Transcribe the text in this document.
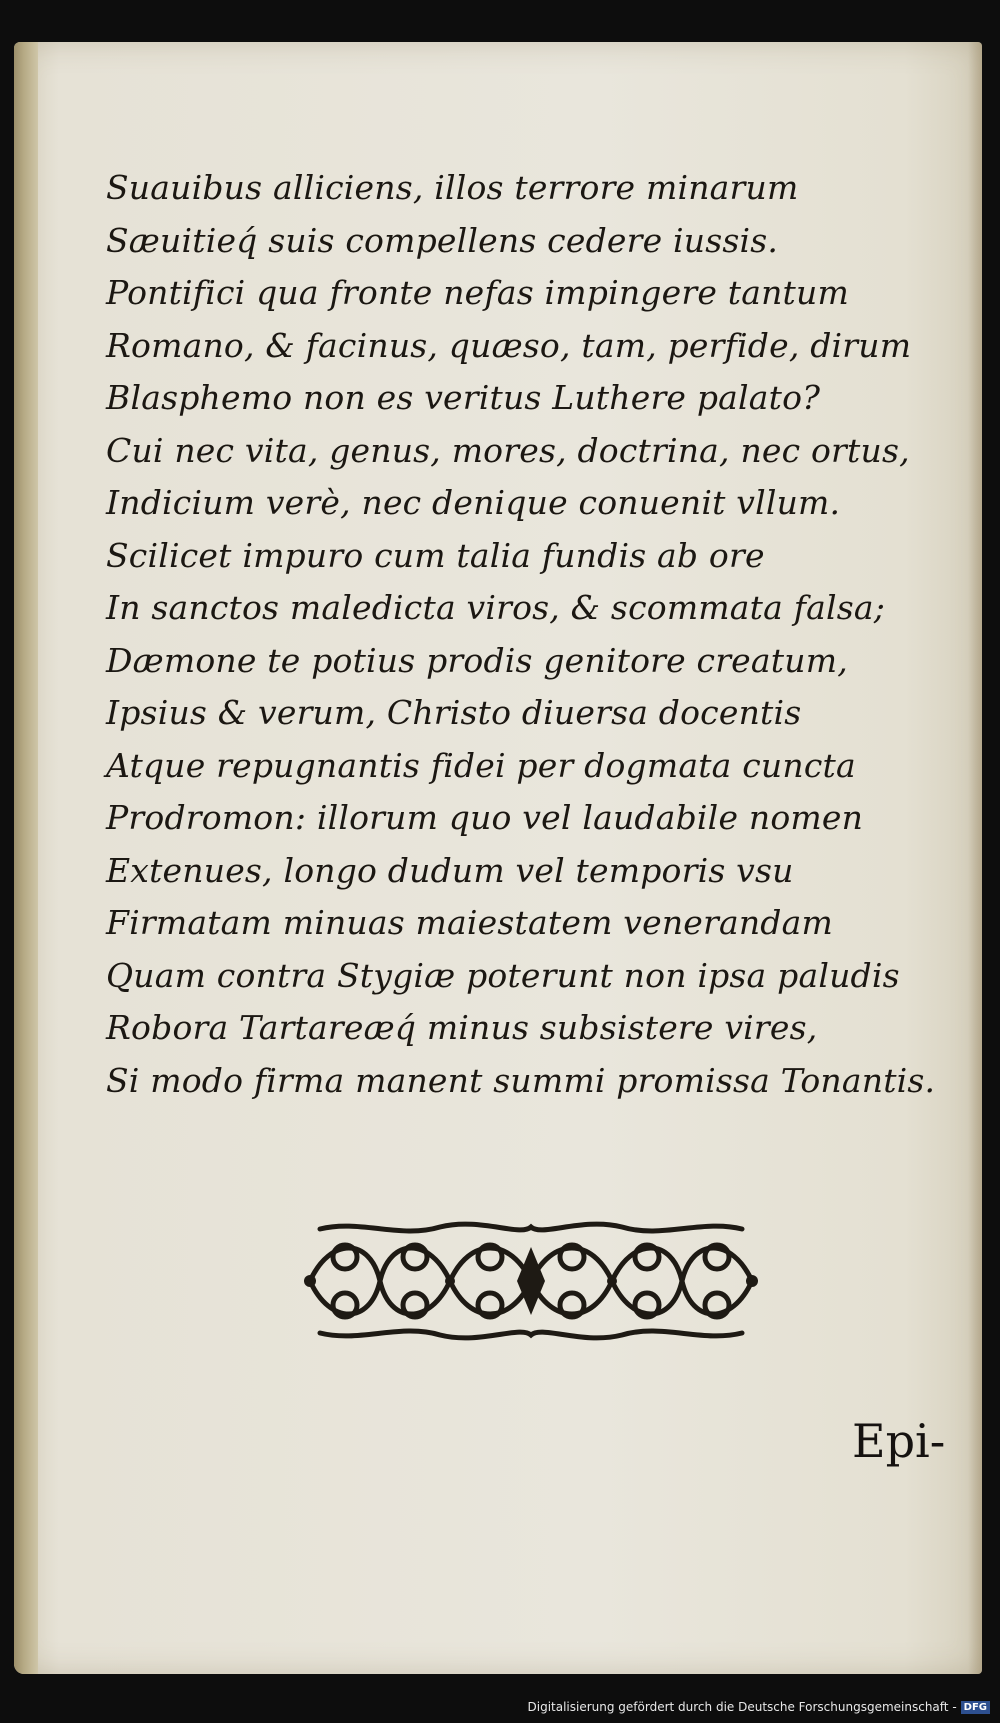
Suauibus alliciens, illos terrore minarum
Sæuitieq́ suis compellens cedere iussis.
Pontifici qua fronte nefas impingere tantum
Romano, & facinus, quæso, tam, perfide, dirum
Blasphemo non es veritus Luthere palato?
Cui nec vita, genus, mores, doctrina, nec ortus,
Indicium verè, nec denique conuenit vllum.
Scilicet impuro cum talia fundis ab ore
In sanctos maledicta viros, & scommata falsa;
Dæmone te potius prodis genitore creatum,
Ipsius & verum, Christo diuersa docentis
Atque repugnantis fidei per dogmata cuncta
Prodromon: illorum quo vel laudabile nomen
Extenues, longo dudum vel temporis vsu
Firmatam minuas maiestatem venerandam
Quam contra Stygiæ poterunt non ipsa paludis
Robora Tartareæq́ minus subsistere vires,
Si modo firma manent summi promissa Tonantis.
Epi-
Digitalisierung gefördert durch die Deutsche Forschungsgemeinschaft - DFG
